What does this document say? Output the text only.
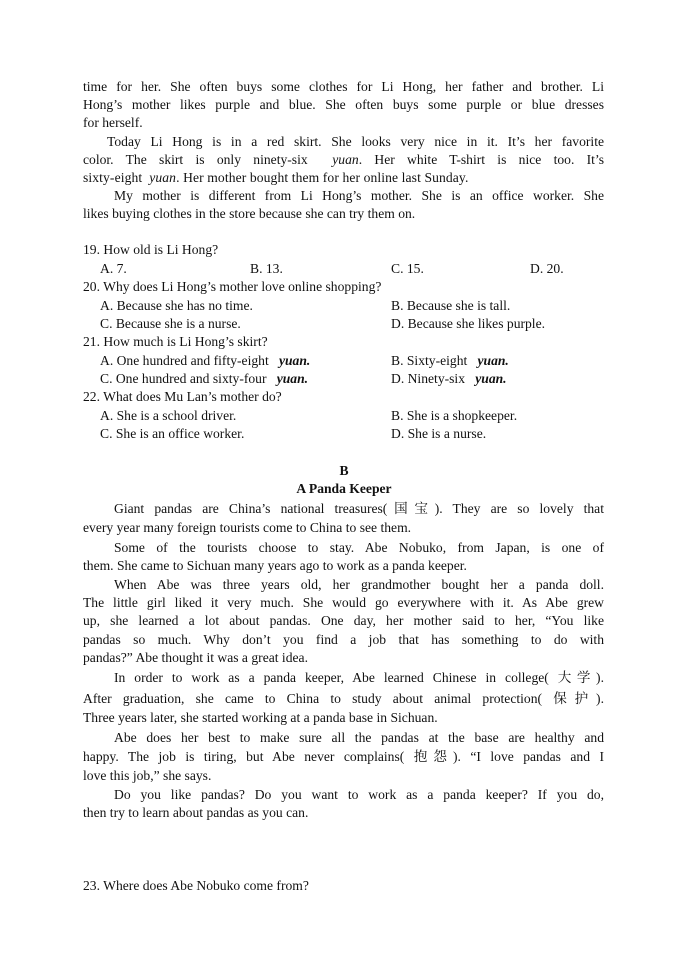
time for her. She often buys some clothes for Li Hong, her father and brother. Li
Hong’s mother likes purple and blue. She often buys some purple or blue dresses
for herself.
Today Li Hong is in a red skirt. She looks very nice in it. It’s her favorite
color. The skirt is only ninety-six yuan. Her white T-shirt is nice too. It’s
sixty-eight yuan. Her mother bought them for her online last Sunday.
My mother is different from Li Hong’s mother. She is an office worker. She
likes buying clothes in the store because she can try them on.
19. How old is Li Hong?
A. 7.	B. 13.	C. 15.	D. 20.
20. Why does Li Hong’s mother love online shopping?
A. Because she has no time.	B. Because she is tall.
C. Because she is a nurse.	D. Because she likes purple.
21. How much is Li Hong’s skirt?
A. One hundred and fifty-eight yuan.	B. Sixty-eight yuan.
C. One hundred and sixty-four yuan.	D. Ninety-six yuan.
22. What does Mu Lan’s mother do?
A. She is a school driver.	B. She is a shopkeeper.
C. She is an office worker.	D. She is a nurse.
B
A Panda Keeper
Giant pandas are China’s national treasures(国宝). They are so lovely that
every year many foreign tourists come to China to see them.
Some of the tourists choose to stay. Abe Nobuko, from Japan, is one of
them. She came to Sichuan many years ago to work as a panda keeper.
When Abe was three years old, her grandmother bought her a panda doll.
The little girl liked it very much. She would go everywhere with it. As Abe grew
up, she learned a lot about pandas. One day, her mother said to her, “You like
pandas so much. Why don’t you find a job that has something to do with
pandas?” Abe thought it was a great idea.
In order to work as a panda keeper, Abe learned Chinese in college( 大学).
After graduation, she came to China to study about animal protection( 保护).
Three years later, she started working at a panda base in Sichuan.
Abe does her best to make sure all the pandas at the base are healthy and
happy. The job is tiring, but Abe never complains( 抱怨). “I love pandas and I
love this job,” she says.
Do you like pandas? Do you want to work as a panda keeper? If you do,
then try to learn about pandas as you can.
23. Where does Abe Nobuko come from?
